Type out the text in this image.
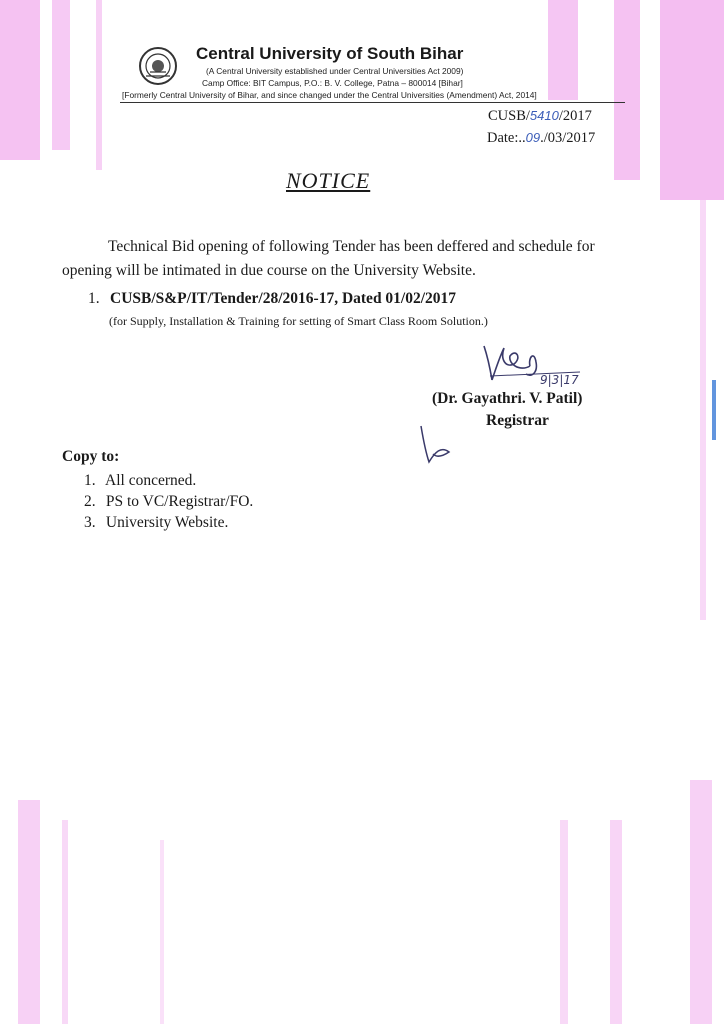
Central University of South Bihar

(A Central University established under Central Universities Act 2009)

Camp Office: BIT Campus, P.O.: B. V. College, Patna – 800014 [Bihar]

[Formerly Central University of Bihar, and since changed under the Central Universities (Amendment) Act, 2014]

CUSB/5410/2017
Date:..09./03/2017
NOTICE

Technical Bid opening of following Tender has been deffered and schedule for opening will be intimated in due course on the University Website.

1. CUSB/S&P/IT/Tender/28/2016-17, Dated 01/02/2017
(for Supply, Installation & Training for setting of Smart Class Room Solution.)
9|3|17
(Dr. Gayathri. V. Patil)
Registrar
Copy to:
1. All concerned.
2. PS to VC/Registrar/FO.
3. University Website.
